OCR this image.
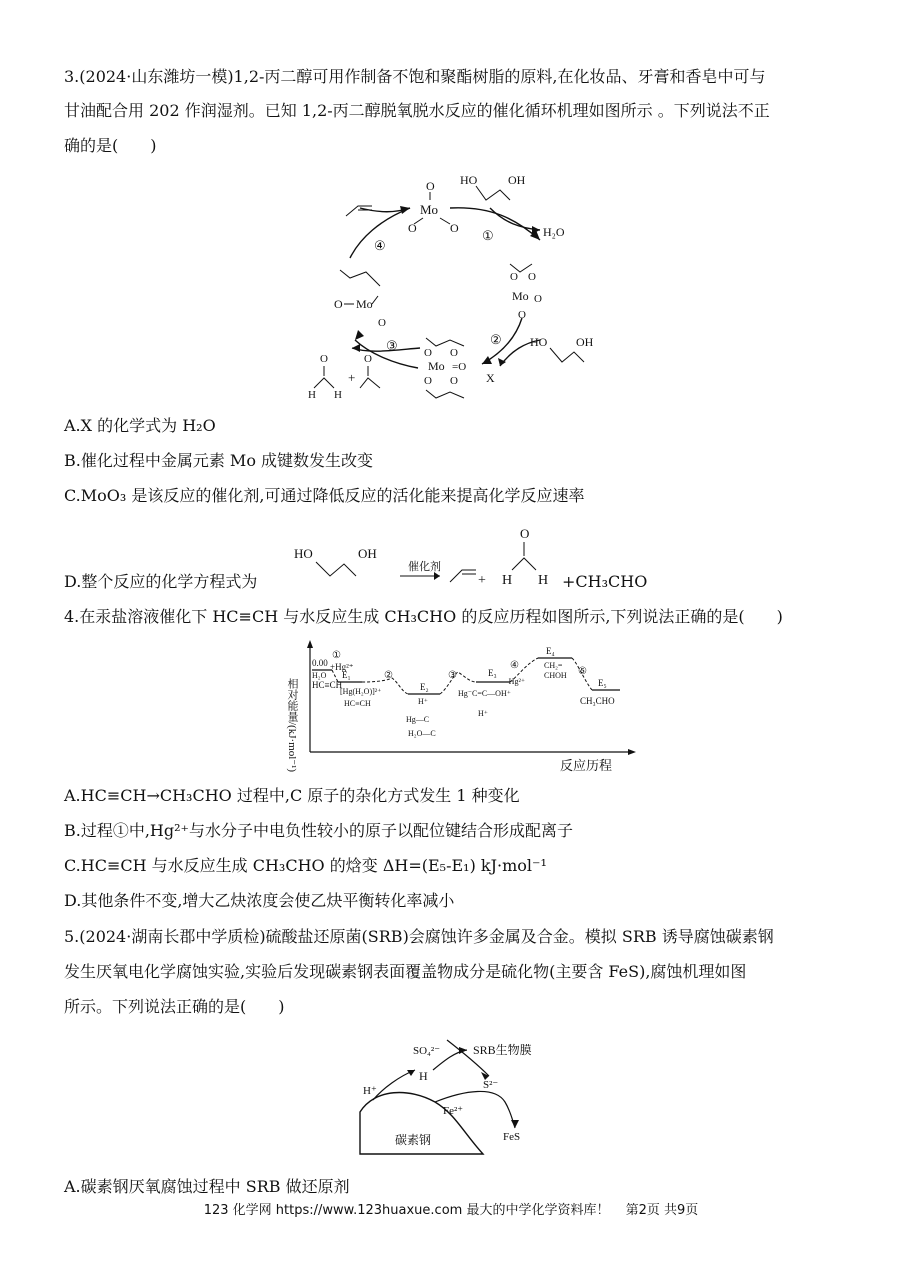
3.(2024·山东潍坊一模)1,2-丙二醇可用作制备不饱和聚酯树脂的原料,在化妆品、牙膏和香皂中可与
甘油配合用 202 作润湿剂。已知 1,2-丙二醇脱氧脱水反应的催化循环机理如图所示 。下列说法不正
确的是(　　)
O
Mo
O	O
HO	OH
H₂O
①
②
③
④
O O
Mo O
O
O Mo
O
O O
Mo =O
O O X
HO OH
O
H H
+
O
A.X 的化学式为 H₂O
B.催化过程中金属元素 Mo 成键数发生改变
C.MoO₃ 是该反应的催化剂,可通过降低反应的活化能来提高化学反应速率
D.整个反应的化学方程式为
HO	OH
催化剂
+
O
H H +CH₃CHO
4.在汞盐溶液催化下 HC≡CH 与水反应生成 CH₃CHO 的反应历程如图所示,下列说法正确的是(　　)
相对能量/(kJ·mol⁻¹)	反应历程
0.00
①
+Hg²⁺
HC≡CH
H₂O E₁
[Hg(H₂O)]²⁺
HC≡CH
②
E₂
H⁺
Hg—C
H₂O—C
③	E₃
Hg⁻C=C—OH⁺
H⁺
④
-Hg²⁺
E₄
CH₂=
CHOH ⑤
E₅
CH₃CHO
A.HC≡CH→CH₃CHO 过程中,C 原子的杂化方式发生 1 种变化
B.过程①中,Hg²⁺与水分子中电负性较小的原子以配位键结合形成配离子
C.HC≡CH 与水反应生成 CH₃CHO 的焓变 ΔH=(E₅-E₁) kJ·mol⁻¹
D.其他条件不变,增大乙炔浓度会使乙炔平衡转化率减小
5.(2024·湖南长郡中学质检)硫酸盐还原菌(SRB)会腐蚀许多金属及合金。模拟 SRB 诱导腐蚀碳素钢
发生厌氧电化学腐蚀实验,实验后发现碳素钢表面覆盖物成分是硫化物(主要含 FeS),腐蚀机理如图
所示。下列说法正确的是(　　)
碳素钢
SO₄²⁻	SRB生物膜
H⁺
H
S²⁻
Fe²⁺
FeS
A.碳素钢厌氧腐蚀过程中 SRB 做还原剂
123 化学网 https://www.123huaxue.com 最大的中学化学资料库！ 第2页 共9页
